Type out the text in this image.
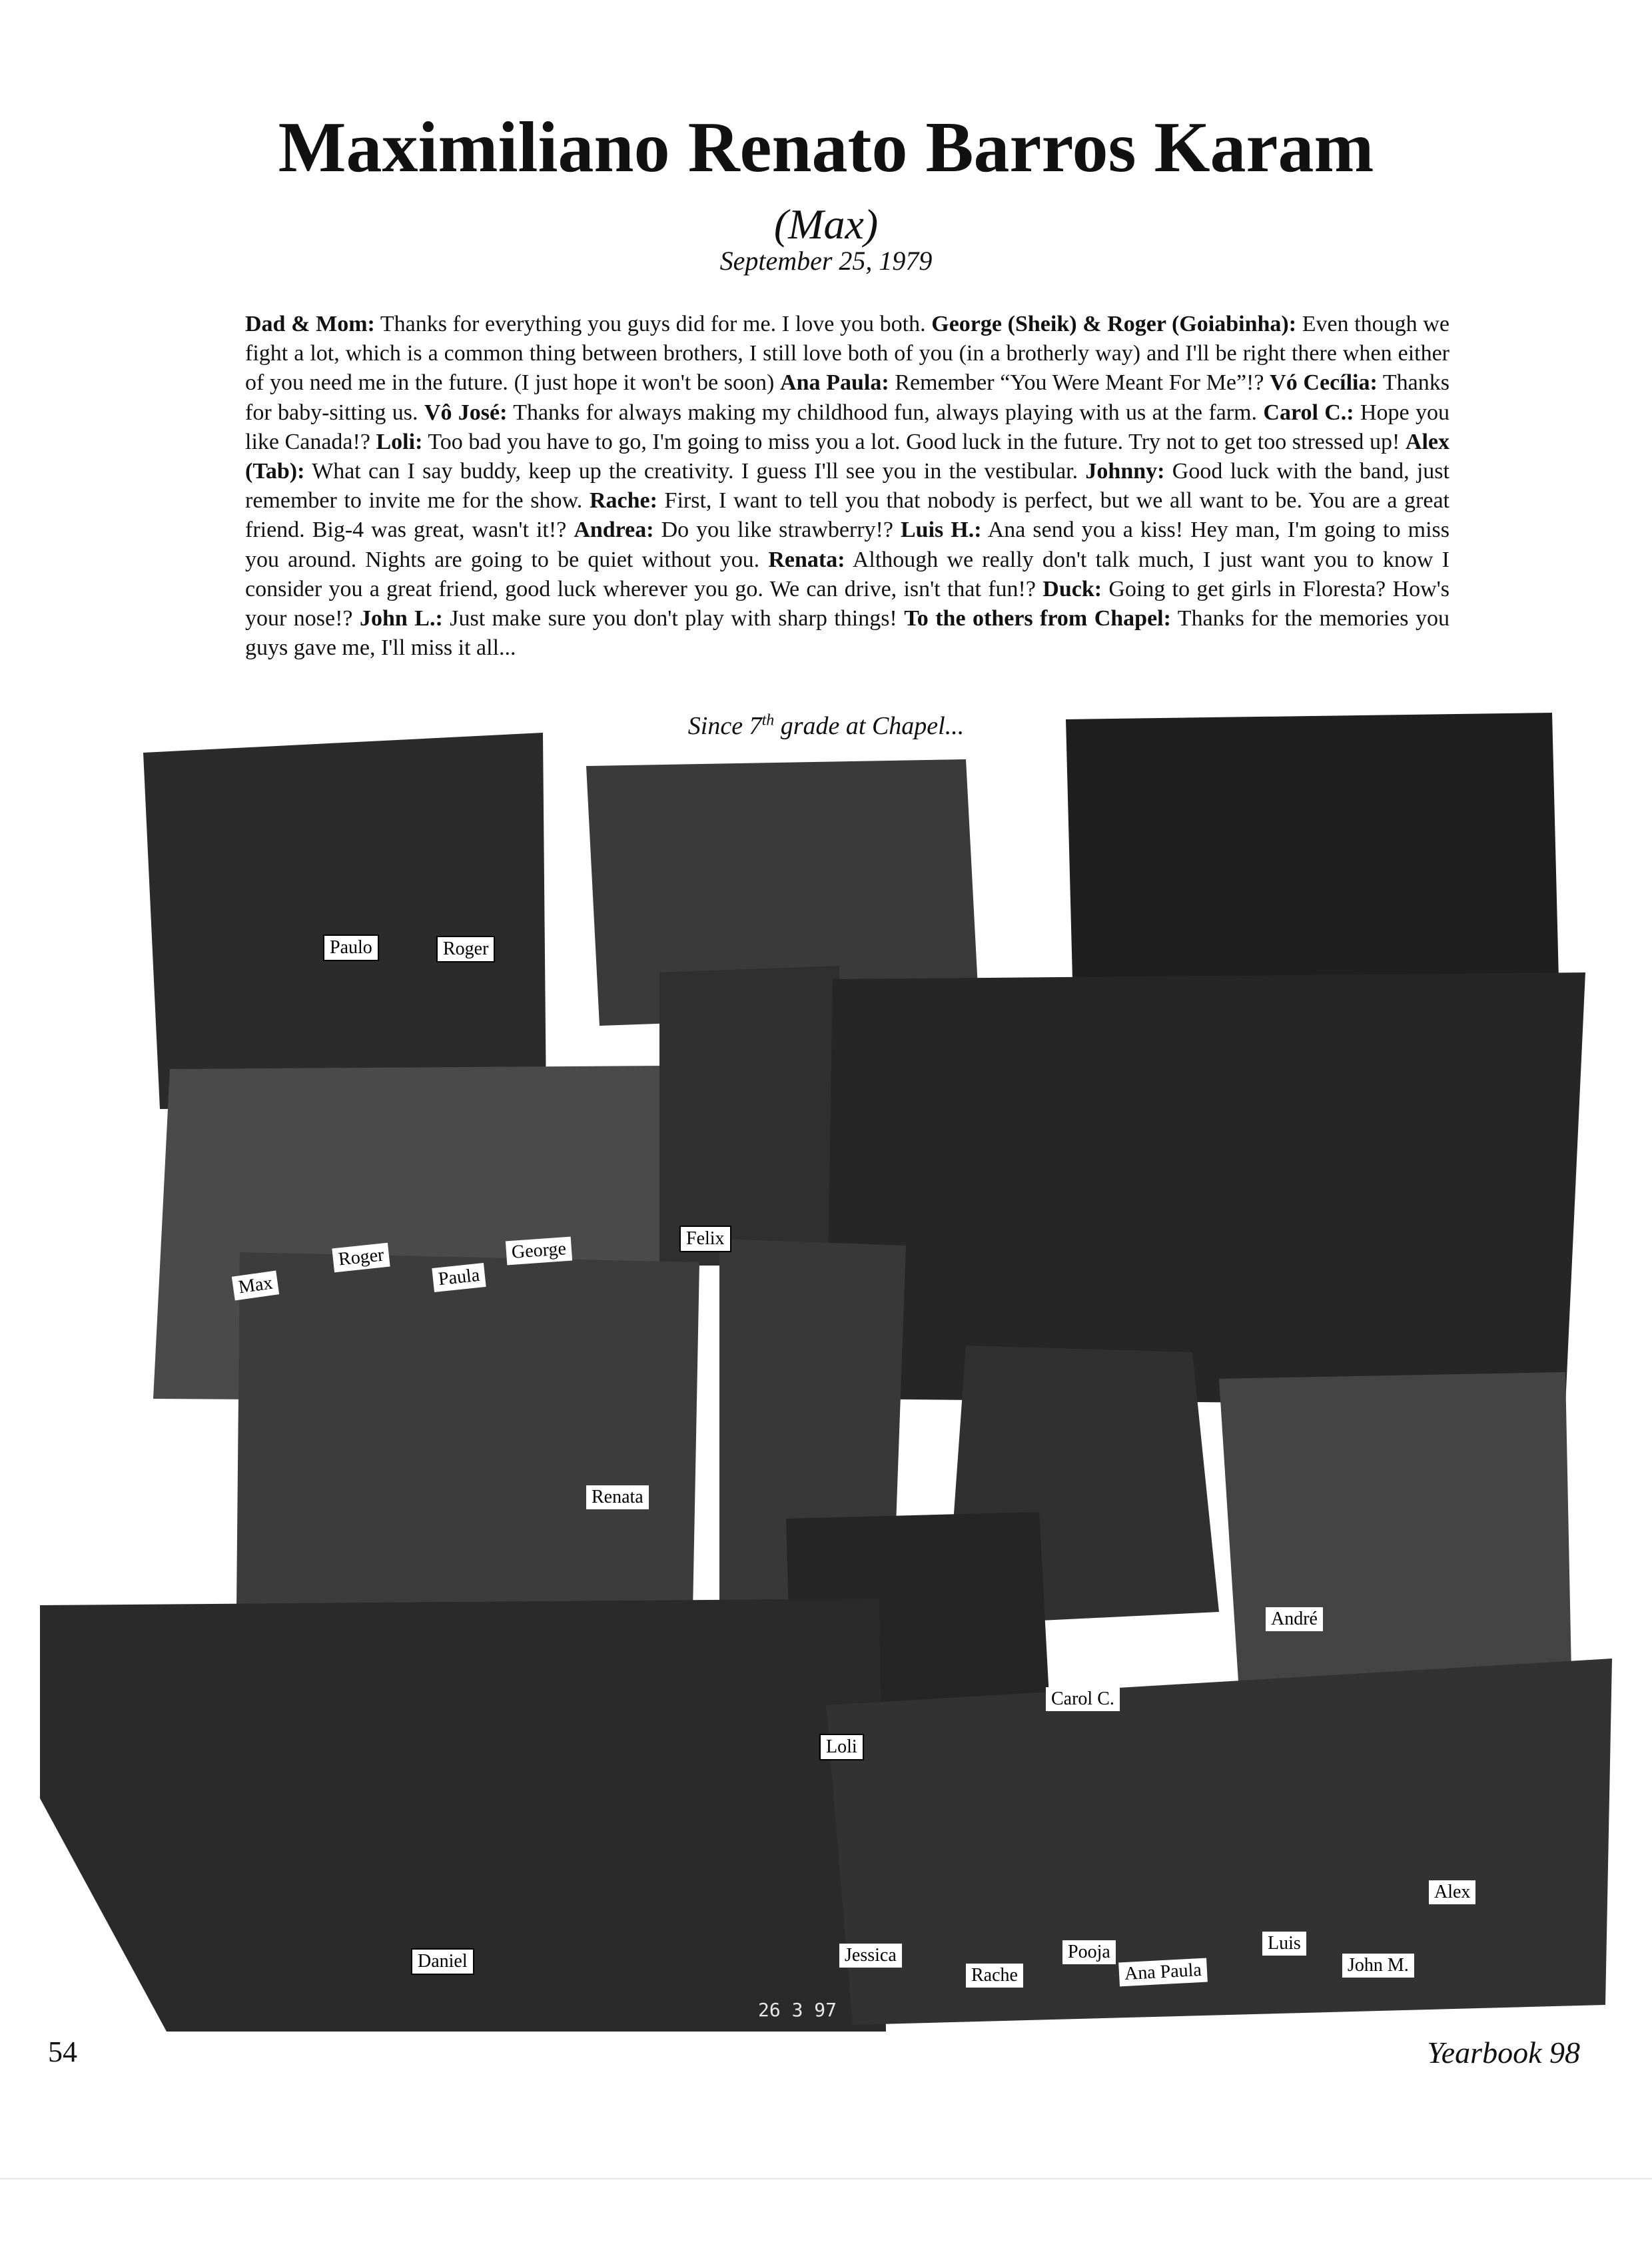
Maximiliano Renato Barros Karam
(Max)
September 25, 1979

Dad & Mom: Thanks for everything you guys did for me. I love you both. George (Sheik) & Roger (Goiabinha): Even though we fight a lot, which is a common thing between brothers, I still love both of you (in a brotherly way) and I'll be right there when either of you need me in the future. (I just hope it won't be soon) Ana Paula: Remember “You Were Meant For Me”!? Vó Cecília: Thanks for baby-sitting us. Vô José: Thanks for always making my childhood fun, always playing with us at the farm. Carol C.: Hope you like Canada!? Loli: Too bad you have to go, I'm going to miss you a lot. Good luck in the future. Try not to get too stressed up! Alex (Tab): What can I say buddy, keep up the creativity. I guess I'll see you in the vestibular. Johnny: Good luck with the band, just remember to invite me for the show. Rache: First, I want to tell you that nobody is perfect, but we all want to be. You are a great friend. Big-4 was great, wasn't it!? Andrea: Do you like strawberry!? Luis H.: Ana send you a kiss! Hey man, I'm going to miss you around. Nights are going to be quiet without you. Renata: Although we really don't talk much, I just want you to know I consider you a great friend, good luck wherever you go. We can drive, isn't that fun!? Duck: Going to get girls in Floresta? How's your nose!? John L.: Just make sure you don't play with sharp things! To the others from Chapel: Thanks for the memories you guys gave me, I'll miss it all...

Since 7th grade at Chapel...
Paulo	Roger
Max
Roger
Paula
George	Felix
Renata
André
Carol C.
Loli
Daniel	Jessica
Rache
Pooja
Ana Paula
Luis
John M.
Alex
26 3 97
54	Yearbook 98
